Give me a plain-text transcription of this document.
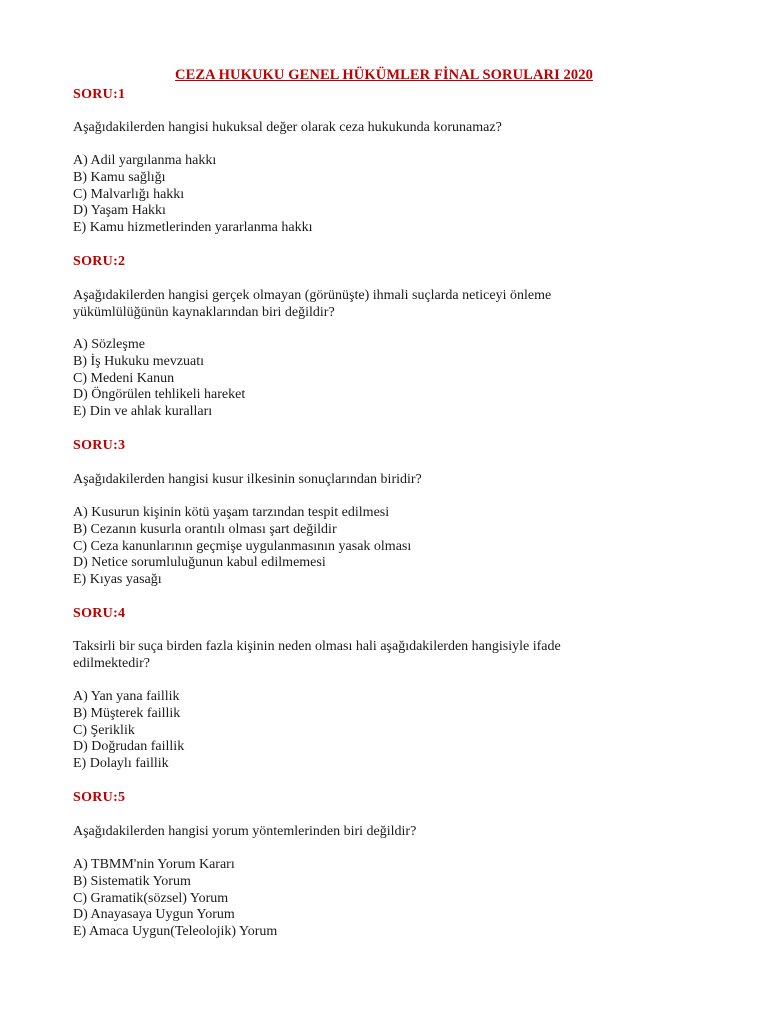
CEZA HUKUKU GENEL HÜKÜMLER FİNAL SORULARI 2020
SORU:1
Aşağıdakilerden hangisi hukuksal değer olarak ceza hukukunda korunamaz?
A) Adil yargılanma hakkı
B) Kamu sağlığı
C) Malvarlığı hakkı
D) Yaşam Hakkı
E) Kamu hizmetlerinden yararlanma hakkı
SORU:2
Aşağıdakilerden hangisi gerçek olmayan (görünüşte) ihmali suçlarda neticeyi önleme yükümlülüğünün kaynaklarından biri değildir?
A) Sözleşme
B) İş Hukuku mevzuatı
C) Medeni Kanun
D) Öngörülen tehlikeli hareket
E) Din ve ahlak kuralları
SORU:3
Aşağıdakilerden hangisi kusur ilkesinin sonuçlarından biridir?
A) Kusurun kişinin kötü yaşam tarzından tespit edilmesi
B) Cezanın kusurla orantılı olması şart değildir
C) Ceza kanunlarının geçmişe uygulanmasının yasak olması
D) Netice sorumluluğunun kabul edilmemesi
E) Kıyas yasağı
SORU:4
Taksirli bir suça birden fazla kişinin neden olması hali aşağıdakilerden hangisiyle ifade edilmektedir?
A) Yan yana faillik
B) Müşterek faillik
C) Şeriklik
D) Doğrudan faillik
E) Dolaylı faillik
SORU:5
Aşağıdakilerden hangisi yorum yöntemlerinden biri değildir?
A) TBMM'nin Yorum Kararı
B) Sistematik Yorum
C) Gramatik(sözsel) Yorum
D) Anayasaya Uygun Yorum
E) Amaca Uygun(Teleolojik) Yorum
